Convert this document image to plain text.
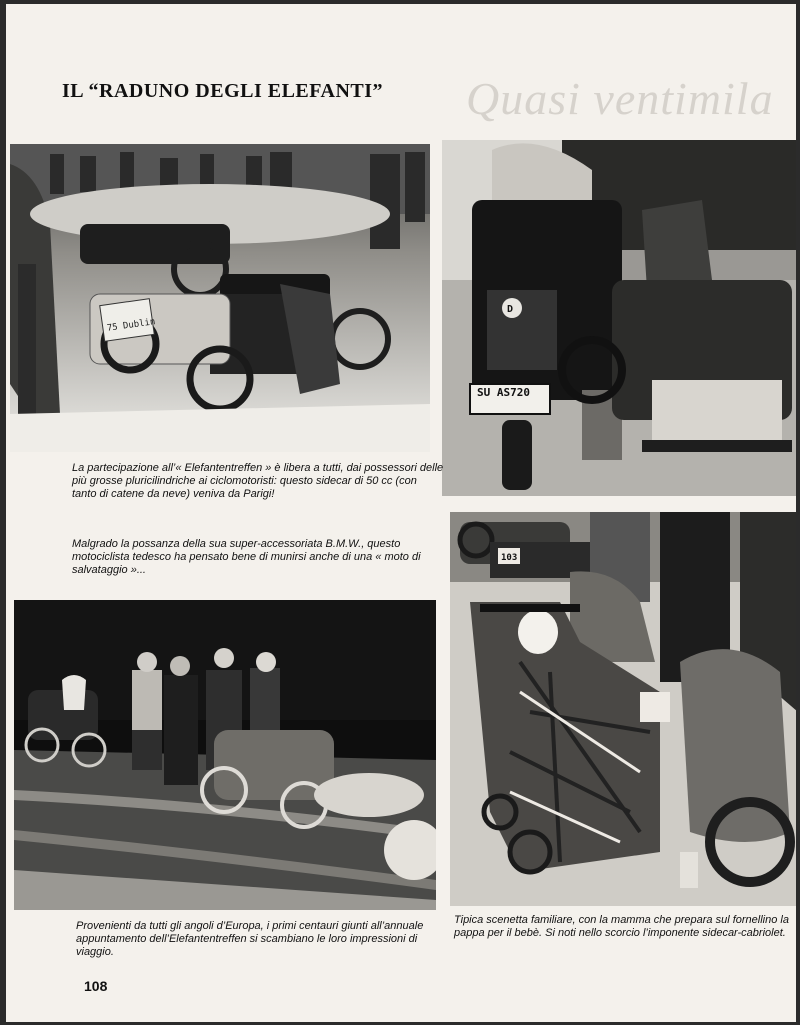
Quasi ventimila
IL “RADUNO DEGLI ELEFANTI”
75 Dublin
D
SU AS720
La partecipazione all’« Elefantentreffen » è libera a tutti, dai possessori delle più grosse pluricilindriche ai ciclomotoristi: questo sidecar di 50 cc (con tanto di catene da neve) veniva da Parigi!
Malgrado la possanza della sua super-accessoriata B.M.W., questo motociclista tedesco ha pensato bene di munirsi anche di una « moto di salvataggio »...
103
Provenienti da tutti gli angoli d’Europa, i primi centauri giunti all’annuale appuntamento dell’Elefantentreffen si scambiano le loro impressioni di viaggio.
Tipica scenetta familiare, con la mamma che prepara sul fornellino la pappa per il bebè. Si noti nello scorcio l’imponente sidecar-cabriolet.
108
